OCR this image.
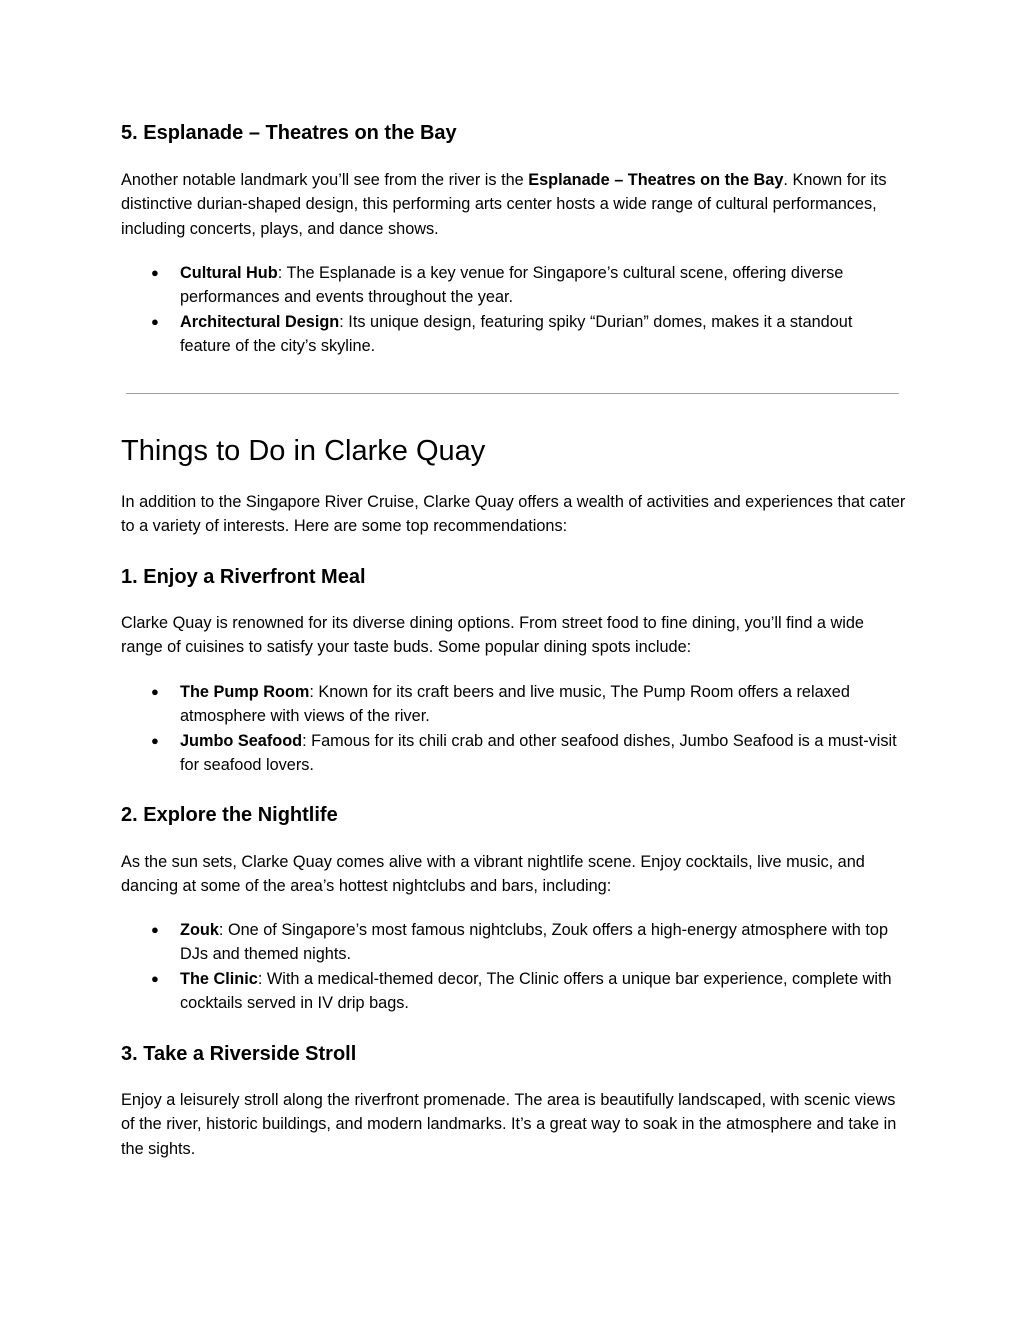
5. Esplanade – Theatres on the Bay

Another notable landmark you’ll see from the river is the Esplanade – Theatres on the Bay. Known for its distinctive durian-shaped design, this performing arts center hosts a wide range of cultural performances, including concerts, plays, and dance shows.

● Cultural Hub: The Esplanade is a key venue for Singapore’s cultural scene, offering diverse performances and events throughout the year.
● Architectural Design: Its unique design, featuring spiky “Durian” domes, makes it a standout feature of the city’s skyline.
Things to Do in Clarke Quay

In addition to the Singapore River Cruise, Clarke Quay offers a wealth of activities and experiences that cater to a variety of interests. Here are some top recommendations:

1. Enjoy a Riverfront Meal

Clarke Quay is renowned for its diverse dining options. From street food to fine dining, you’ll find a wide range of cuisines to satisfy your taste buds. Some popular dining spots include:

● The Pump Room: Known for its craft beers and live music, The Pump Room offers a relaxed atmosphere with views of the river.
● Jumbo Seafood: Famous for its chili crab and other seafood dishes, Jumbo Seafood is a must-visit for seafood lovers.
2. Explore the Nightlife

As the sun sets, Clarke Quay comes alive with a vibrant nightlife scene. Enjoy cocktails, live music, and dancing at some of the area’s hottest nightclubs and bars, including:

● Zouk: One of Singapore’s most famous nightclubs, Zouk offers a high-energy atmosphere with top DJs and themed nights.
● The Clinic: With a medical-themed decor, The Clinic offers a unique bar experience, complete with cocktails served in IV drip bags.
3. Take a Riverside Stroll

Enjoy a leisurely stroll along the riverfront promenade. The area is beautifully landscaped, with scenic views of the river, historic buildings, and modern landmarks. It’s a great way to soak in the atmosphere and take in the sights.
